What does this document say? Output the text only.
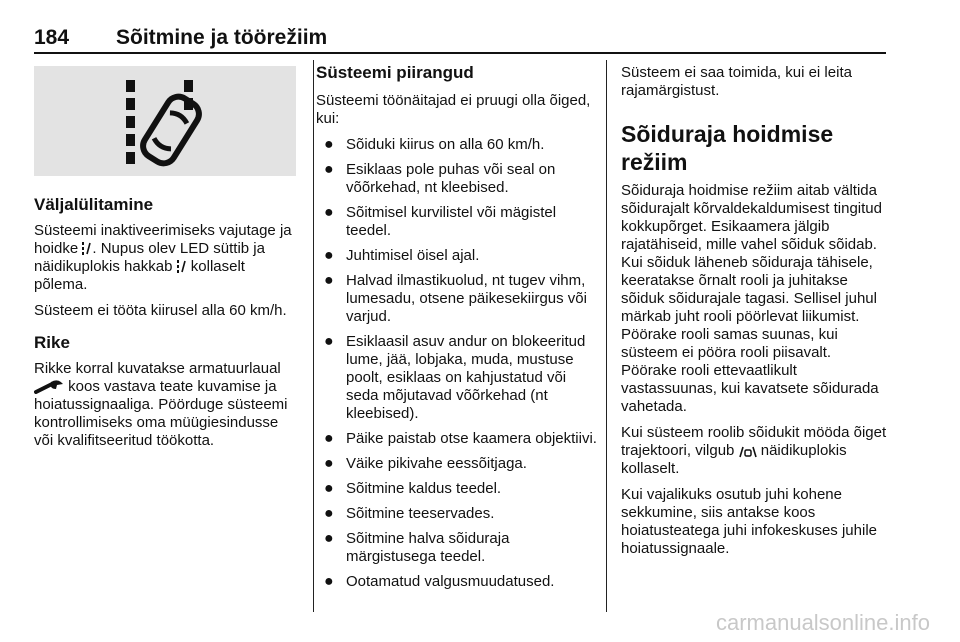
184 Sõitmine ja töörežiim
Väljalülitamine

Süsteemi inaktiveerimiseks vajutage ja hoidke . Nupus olev LED süttib ja näidikuplokis hakkab kollaselt põlema.

Süsteem ei tööta kiirusel alla 60 km/h.

Rike

Rikke korral kuvatakse armatuurlaual  koos vastava teate kuvamise ja hoiatussignaaliga. Pöörduge süsteemi kontrollimiseks oma müügiesindusse või kvalifitseeritud töökotta.

Süsteemi piirangud

Süsteemi töönäitajad ei pruugi olla õiged, kui:

● Sõiduki kiirus on alla 60 km/h.
● Esiklaas pole puhas või seal on võõrkehad, nt kleebised.
● Sõitmisel kurvilistel või mägistel teedel.
● Juhtimisel öisel ajal.
● Halvad ilmastikuolud, nt tugev vihm, lumesadu, otsene päikesekiirgus või varjud.
● Esiklaasil asuv andur on blokeeritud lume, jää, lobjaka, muda, mustuse poolt, esiklaas on kahjustatud või seda mõjutavad võõrkehad (nt kleebised).
● Päike paistab otse kaamera objektiivi.
● Väike pikivahe eessõitjaga.
● Sõitmine kaldus teedel.
● Sõitmine teeservades.
● Sõitmine halva sõiduraja märgistusega teedel.
● Ootamatud valgusmuudatused.

Süsteem ei saa toimida, kui ei leita rajamärgistust.

Sõiduraja hoidmise režiim

Sõiduraja hoidmise režiim aitab vältida sõidurajalt kõrvaldekaldumisest tingitud kokkupõrget. Esikaamera jälgib rajatähiseid, mille vahel sõiduk sõidab. Kui sõiduk läheneb sõiduraja tähisele, keeratakse õrnalt rooli ja juhitakse sõiduk sõidurajale tagasi. Sellisel juhul märkab juht rooli pöörlevat liikumist. Pöörake rooli samas suunas, kui süsteem ei pööra rooli piisavalt. Pöörake rooli ettevaatlikult vastassuunas, kui kavatsete sõidurada vahetada.

Kui süsteem roolib sõidukit mööda õiget trajektoori, vilgub näidikuplokis kollaselt.

Kui vajalikuks osutub juhi kohene sekkumine, siis antakse koos hoiatusteatega juhi infokeskuses juhile hoiatussignaale.

carmanualsonline.info
